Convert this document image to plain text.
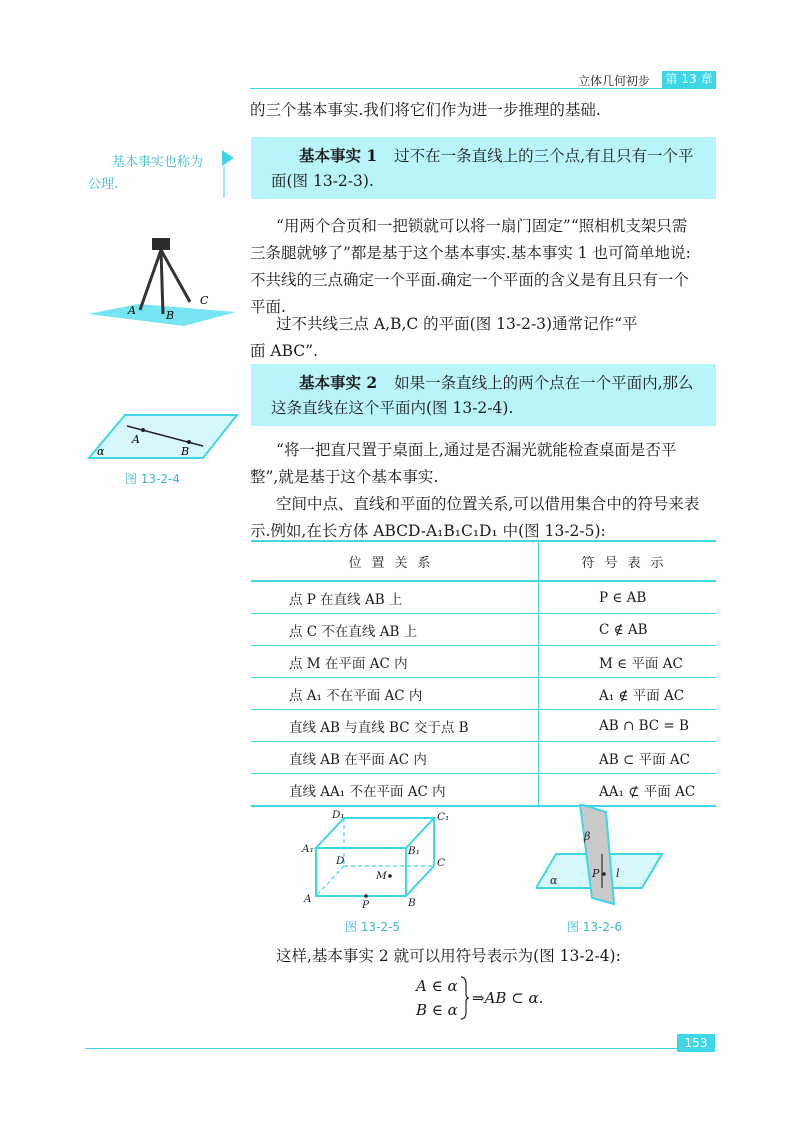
立体几何初步 第 13 章
的三个基本事实.我们将它们作为进一步推理的基础.
基本事实也称为
公理.
基本事实 1 过不在一条直线上的三个点,有且只有一个平
面(图 13-2-3).
“用两个合页和一把锁就可以将一扇门固定”“照相机支架只需
三条腿就够了”都是基于这个基本事实.基本事实 1 也可简单地说:
不共线的三点确定一个平面.确定一个平面的含义是有且只有一个
平面.
过不共线三点 A,B,C 的平面(图 13-2-3)通常记作“平
面 ABC”.
A	B
C
基本事实 2 如果一条直线上的两个点在一个平面内,那么
这条直线在这个平面内(图 13-2-4).
A
B
α
图 13-2-4
“将一把直尺置于桌面上,通过是否漏光就能检查桌面是否平
整”,就是基于这个基本事实.
空间中点、直线和平面的位置关系,可以借用集合中的符号来表
示.例如,在长方体 ABCD-A₁B₁C₁D₁ 中(图 13-2-5):
位置关系	符号表示
点 P 在直线 AB 上	P ∈ AB
点 C 不在直线 AB 上	C ∉ AB
点 M 在平面 AC 内	M ∈ 平面 AC
点 A₁ 不在平面 AC 内	A₁ ∉ 平面 AC
直线 AB 与直线 BC 交于点 B	AB ∩ BC = B
直线 AB 在平面 AC 内	AB ⊂ 平面 AC
直线 AA₁ 不在平面 AC 内	AA₁ ⊄ 平面 AC
D₁	C₁
A₁	B₁
D	C
M
A	P	B
图 13-2-5
β
α
P l
图 13-2-6
这样,基本事实 2 就可以用符号表示为(图 13-2-4):
A ∈ α
B ∈ α
⇒AB ⊂ α.
153
